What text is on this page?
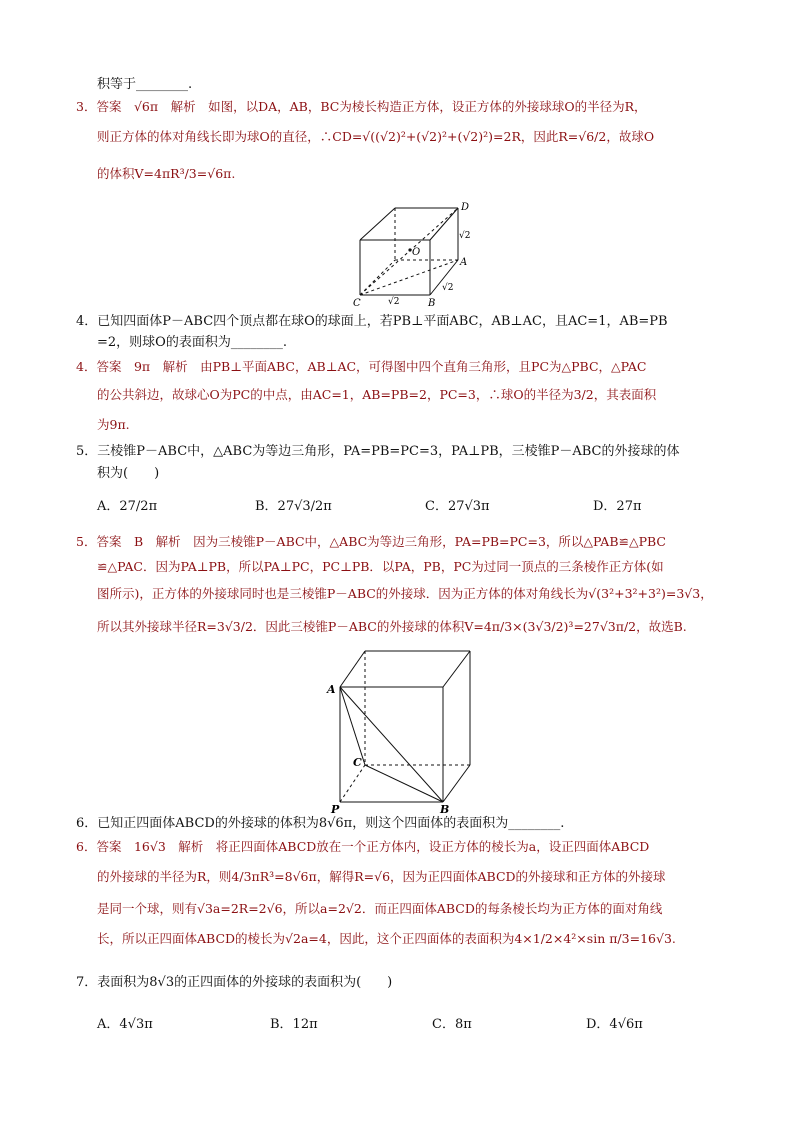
积等于________.
3．答案　√6π　解析　如图，以DA，AB，BC为棱长构造正方体，设正方体的外接球球O的半径为R，
则正方体的体对角线长即为球O的直径，∴CD=√((√2)²+(√2)²+(√2)²)=2R，因此R=√6/2，故球O
的体积V=4πR³/3=√6π.
D
O
A
C	B
√2
√2
√2
4．已知四面体P－ABC四个顶点都在球O的球面上，若PB⊥平面ABC，AB⊥AC，且AC=1，AB=PB
=2，则球O的表面积为________.
4．答案　9π　解析　由PB⊥平面ABC，AB⊥AC，可得图中四个直角三角形，且PC为△PBC，△PAC
的公共斜边，故球心O为PC的中点，由AC=1，AB=PB=2，PC=3，∴球O的半径为3/2，其表面积
为9π.
5．三棱锥P－ABC中，△ABC为等边三角形，PA=PB=PC=3，PA⊥PB，三棱锥P－ABC的外接球的体
积为(　　)
A．27/2π	B．27√3/2π	C．27√3π	D．27π
5．答案　B　解析　因为三棱锥P－ABC中，△ABC为等边三角形，PA=PB=PC=3，所以△PAB≌△PBC
≌△PAC．因为PA⊥PB，所以PA⊥PC，PC⊥PB．以PA，PB，PC为过同一顶点的三条棱作正方体(如
图所示)，正方体的外接球同时也是三棱锥P－ABC的外接球．因为正方体的体对角线长为√(3²+3²+3²)=3√3，
所以其外接球半径R=3√3/2．因此三棱锥P－ABC的外接球的体积V=4π/3×(3√3/2)³=27√3π/2，故选B.
A
C
P	B
6．已知正四面体ABCD的外接球的体积为8√6π，则这个四面体的表面积为________.
6．答案　16√3　解析　将正四面体ABCD放在一个正方体内，设正方体的棱长为a，设正四面体ABCD
的外接球的半径为R，则4/3πR³=8√6π，解得R=√6，因为正四面体ABCD的外接球和正方体的外接球
是同一个球，则有√3a=2R=2√6，所以a=2√2．而正四面体ABCD的每条棱长均为正方体的面对角线
长，所以正四面体ABCD的棱长为√2a=4，因此，这个正四面体的表面积为4×1/2×4²×sin π/3=16√3.
7．表面积为8√3的正四面体的外接球的表面积为(　　)
A．4√3π	B．12π	C．8π	D．4√6π
